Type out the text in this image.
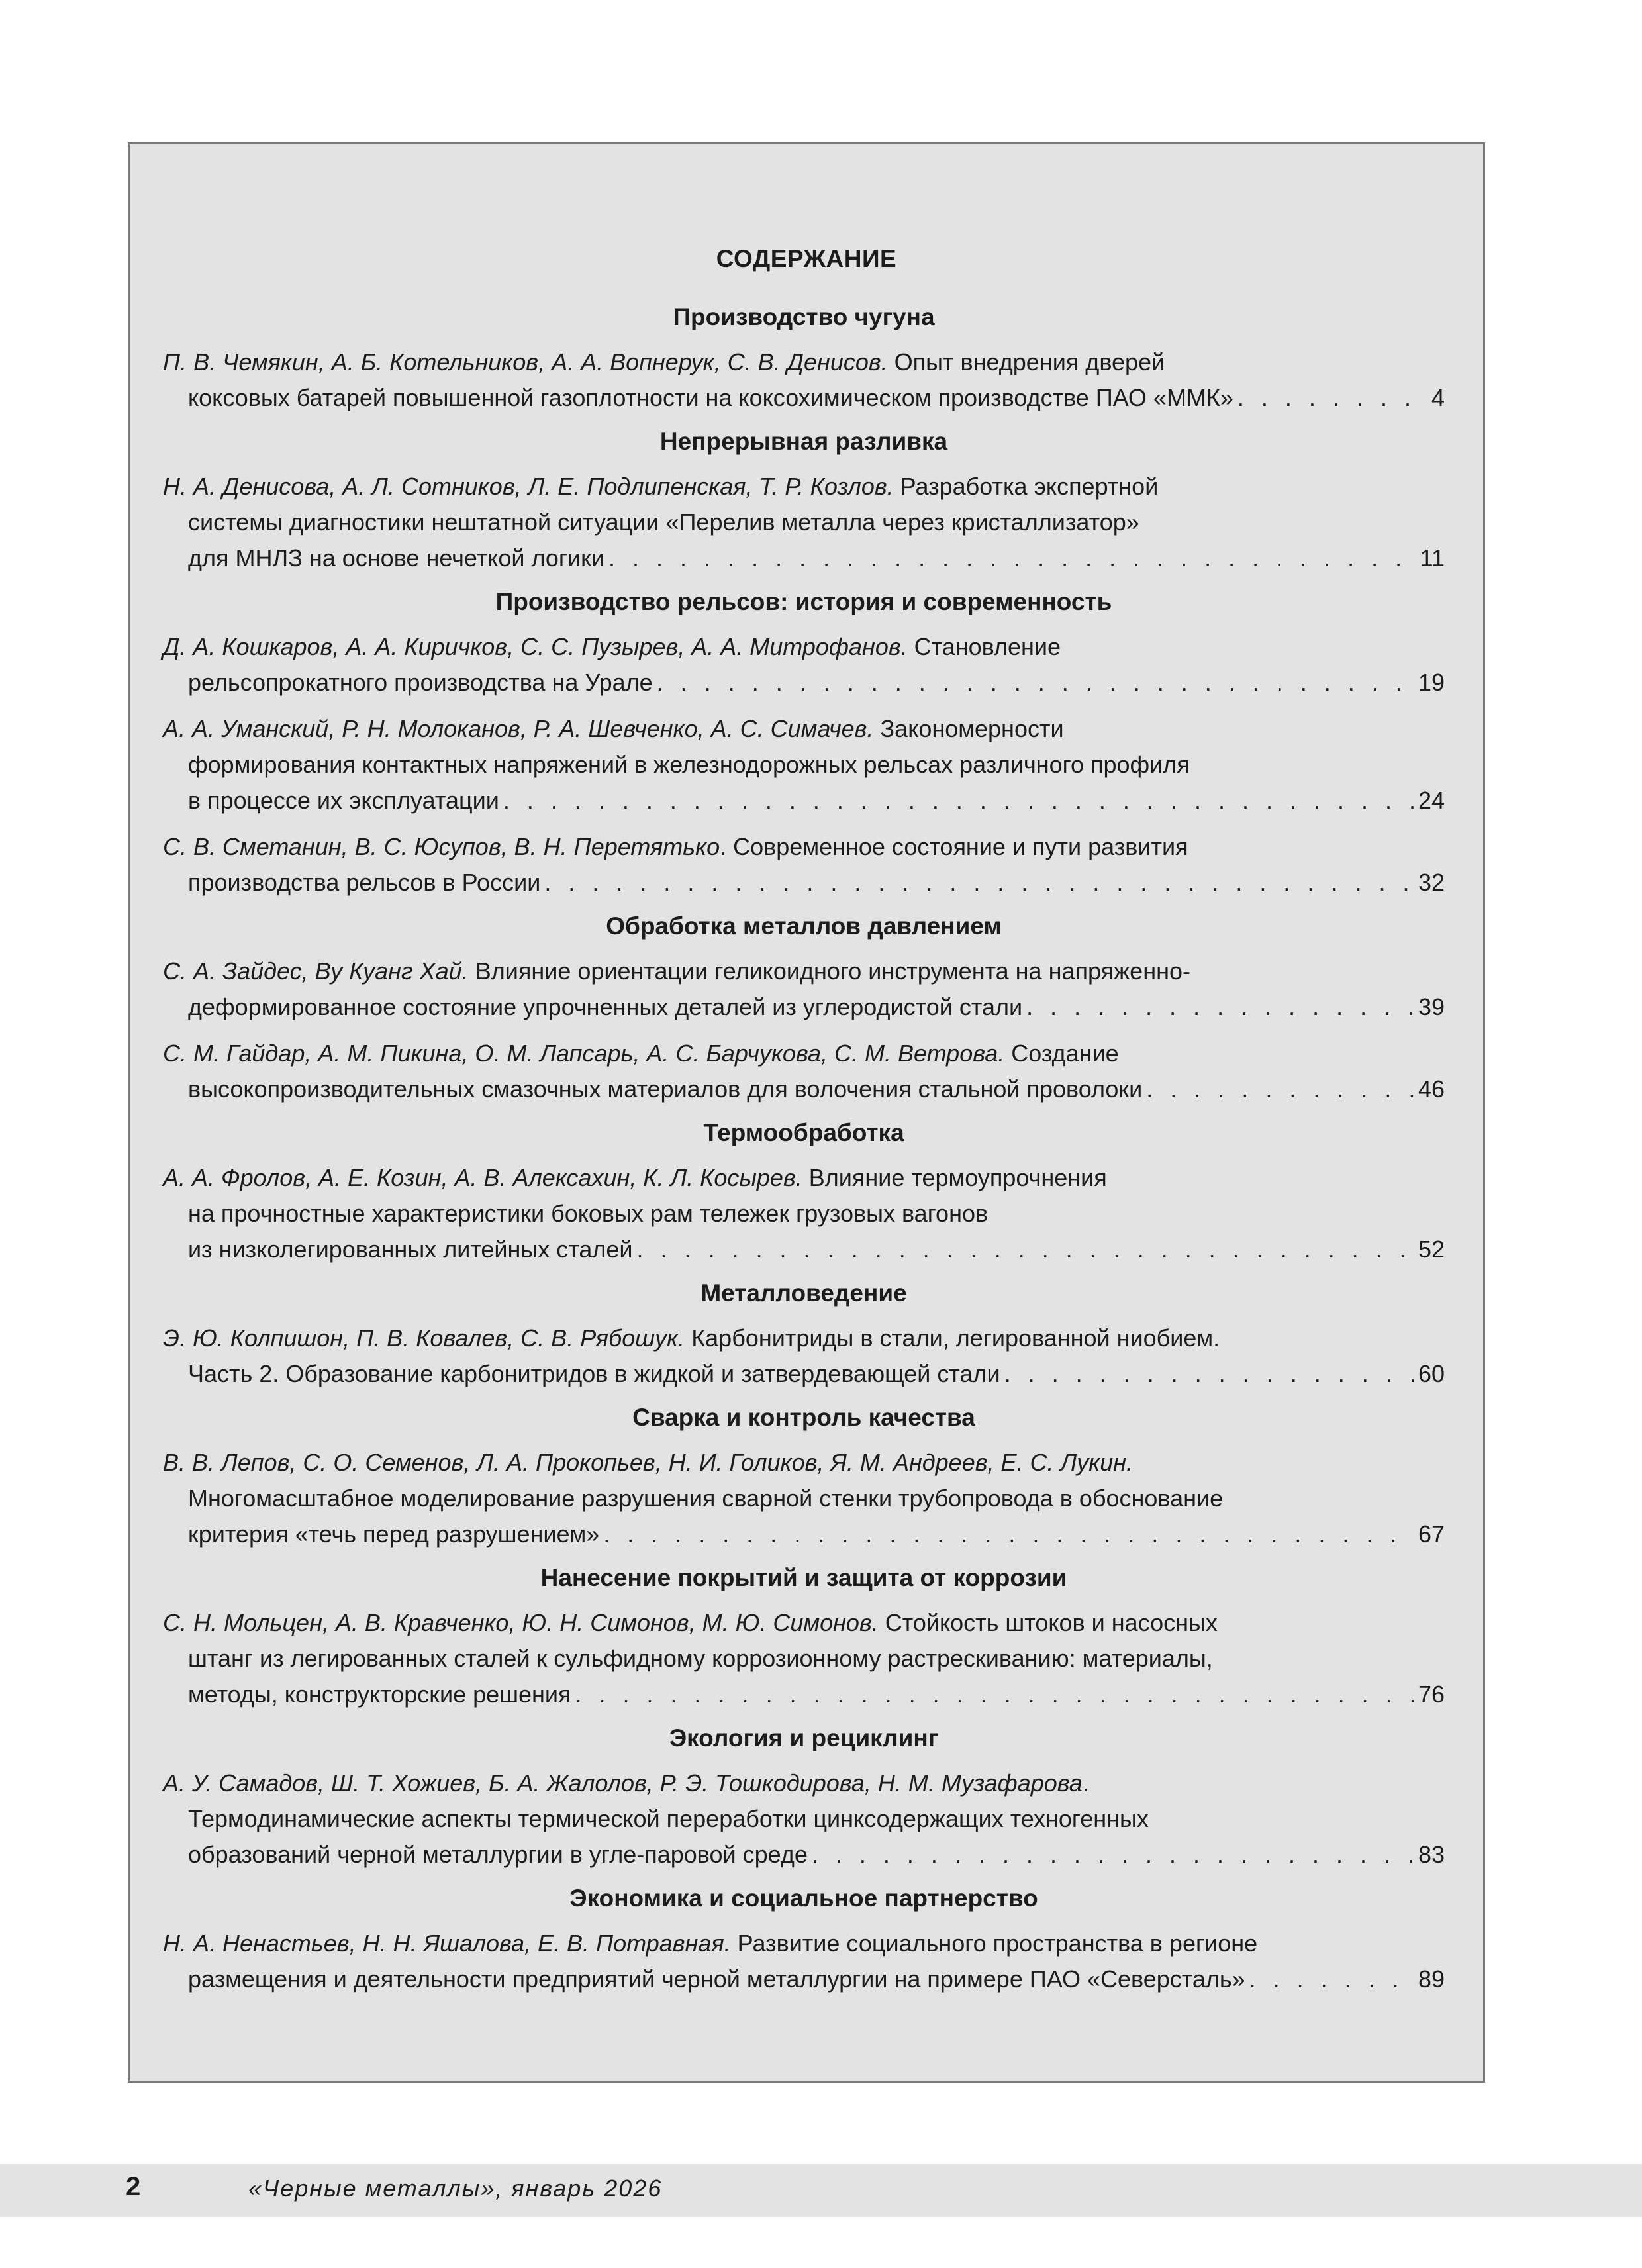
СОДЕРЖАНИЕ
Производство чугуна
П. В. Чемякин, А. Б. Котельников, А. А. Вопнерук, С. В. Денисов. Опыт внедрения дверей
коксовых батарей повышенной газоплотности на коксохимическом производстве ПАО «ММК» . . .	4
Непрерывная разливка
Н. А. Денисова, А. Л. Сотников, Л. Е. Подлипенская, Т. Р. Козлов. Разработка экспертной
системы диагностики нештатной ситуации «Перелив металла через кристаллизатор»
для МНЛЗ на основе нечеткой логики . . .	11
Производство рельсов: история и современность
Д. А. Кошкаров, А. А. Киричков, С. С. Пузырев, А. А. Митрофанов. Становление
рельсопрокатного производства на Урале . . .	19
А. А. Уманский, Р. Н. Молоканов, Р. А. Шевченко, А. С. Симачев. Закономерности
формирования контактных напряжений в железнодорожных рельсах различного профиля
в процессе их эксплуатации . . .	24
С. В. Сметанин, В. С. Юсупов, В. Н. Перетятько. Современное состояние и пути развития
производства рельсов в России . . .	32
Обработка металлов давлением
С. А. Зайдес, Ву Куанг Хай. Влияние ориентации геликоидного инструмента на напряженно-
деформированное состояние упрочненных деталей из углеродистой стали . . .	39
С. М. Гайдар, А. М. Пикина, О. М. Лапсарь, А. С. Барчукова, С. М. Ветрова. Создание
высокопроизводительных смазочных материалов для волочения стальной проволоки . . .	46
Термообработка
А. А. Фролов, А. Е. Козин, А. В. Алексахин, К. Л. Косырев. Влияние термоупрочнения
на прочностные характеристики боковых рам тележек грузовых вагонов
из низколегированных литейных сталей . . .	52
Металловедение
Э. Ю. Колпишон, П. В. Ковалев, С. В. Рябошук. Карбонитриды в стали, легированной ниобием.
Часть 2. Образование карбонитридов в жидкой и затвердевающей стали . . .	60
Сварка и контроль качества
В. В. Лепов, С. О. Семенов, Л. А. Прокопьев, Н. И. Голиков, Я. М. Андреев, Е. С. Лукин.
Многомасштабное моделирование разрушения сварной стенки трубопровода в обоснование
критерия «течь перед разрушением» . . .	67
Нанесение покрытий и защита от коррозии
С. Н. Мольцен, А. В. Кравченко, Ю. Н. Симонов, М. Ю. Симонов. Стойкость штоков и насосных
штанг из легированных сталей к сульфидному коррозионному растрескиванию: материалы,
методы, конструкторские решения . . .	76
Экология и рециклинг
А. У. Самадов, Ш. Т. Хожиев, Б. А. Жалолов, Р. Э. Тошкодирова, Н. М. Музафарова.
Термодинамические аспекты термической переработки цинксодержащих техногенных
образований черной металлургии в угле-паровой среде . . .	83
Экономика и социальное партнерство
Н. А. Ненастьев, Н. Н. Яшалова, Е. В. Потравная. Развитие социального пространства в регионе
размещения и деятельности предприятий черной металлургии на примере ПАО «Северсталь» . . .	89
2	«Черные металлы», январь 2026
